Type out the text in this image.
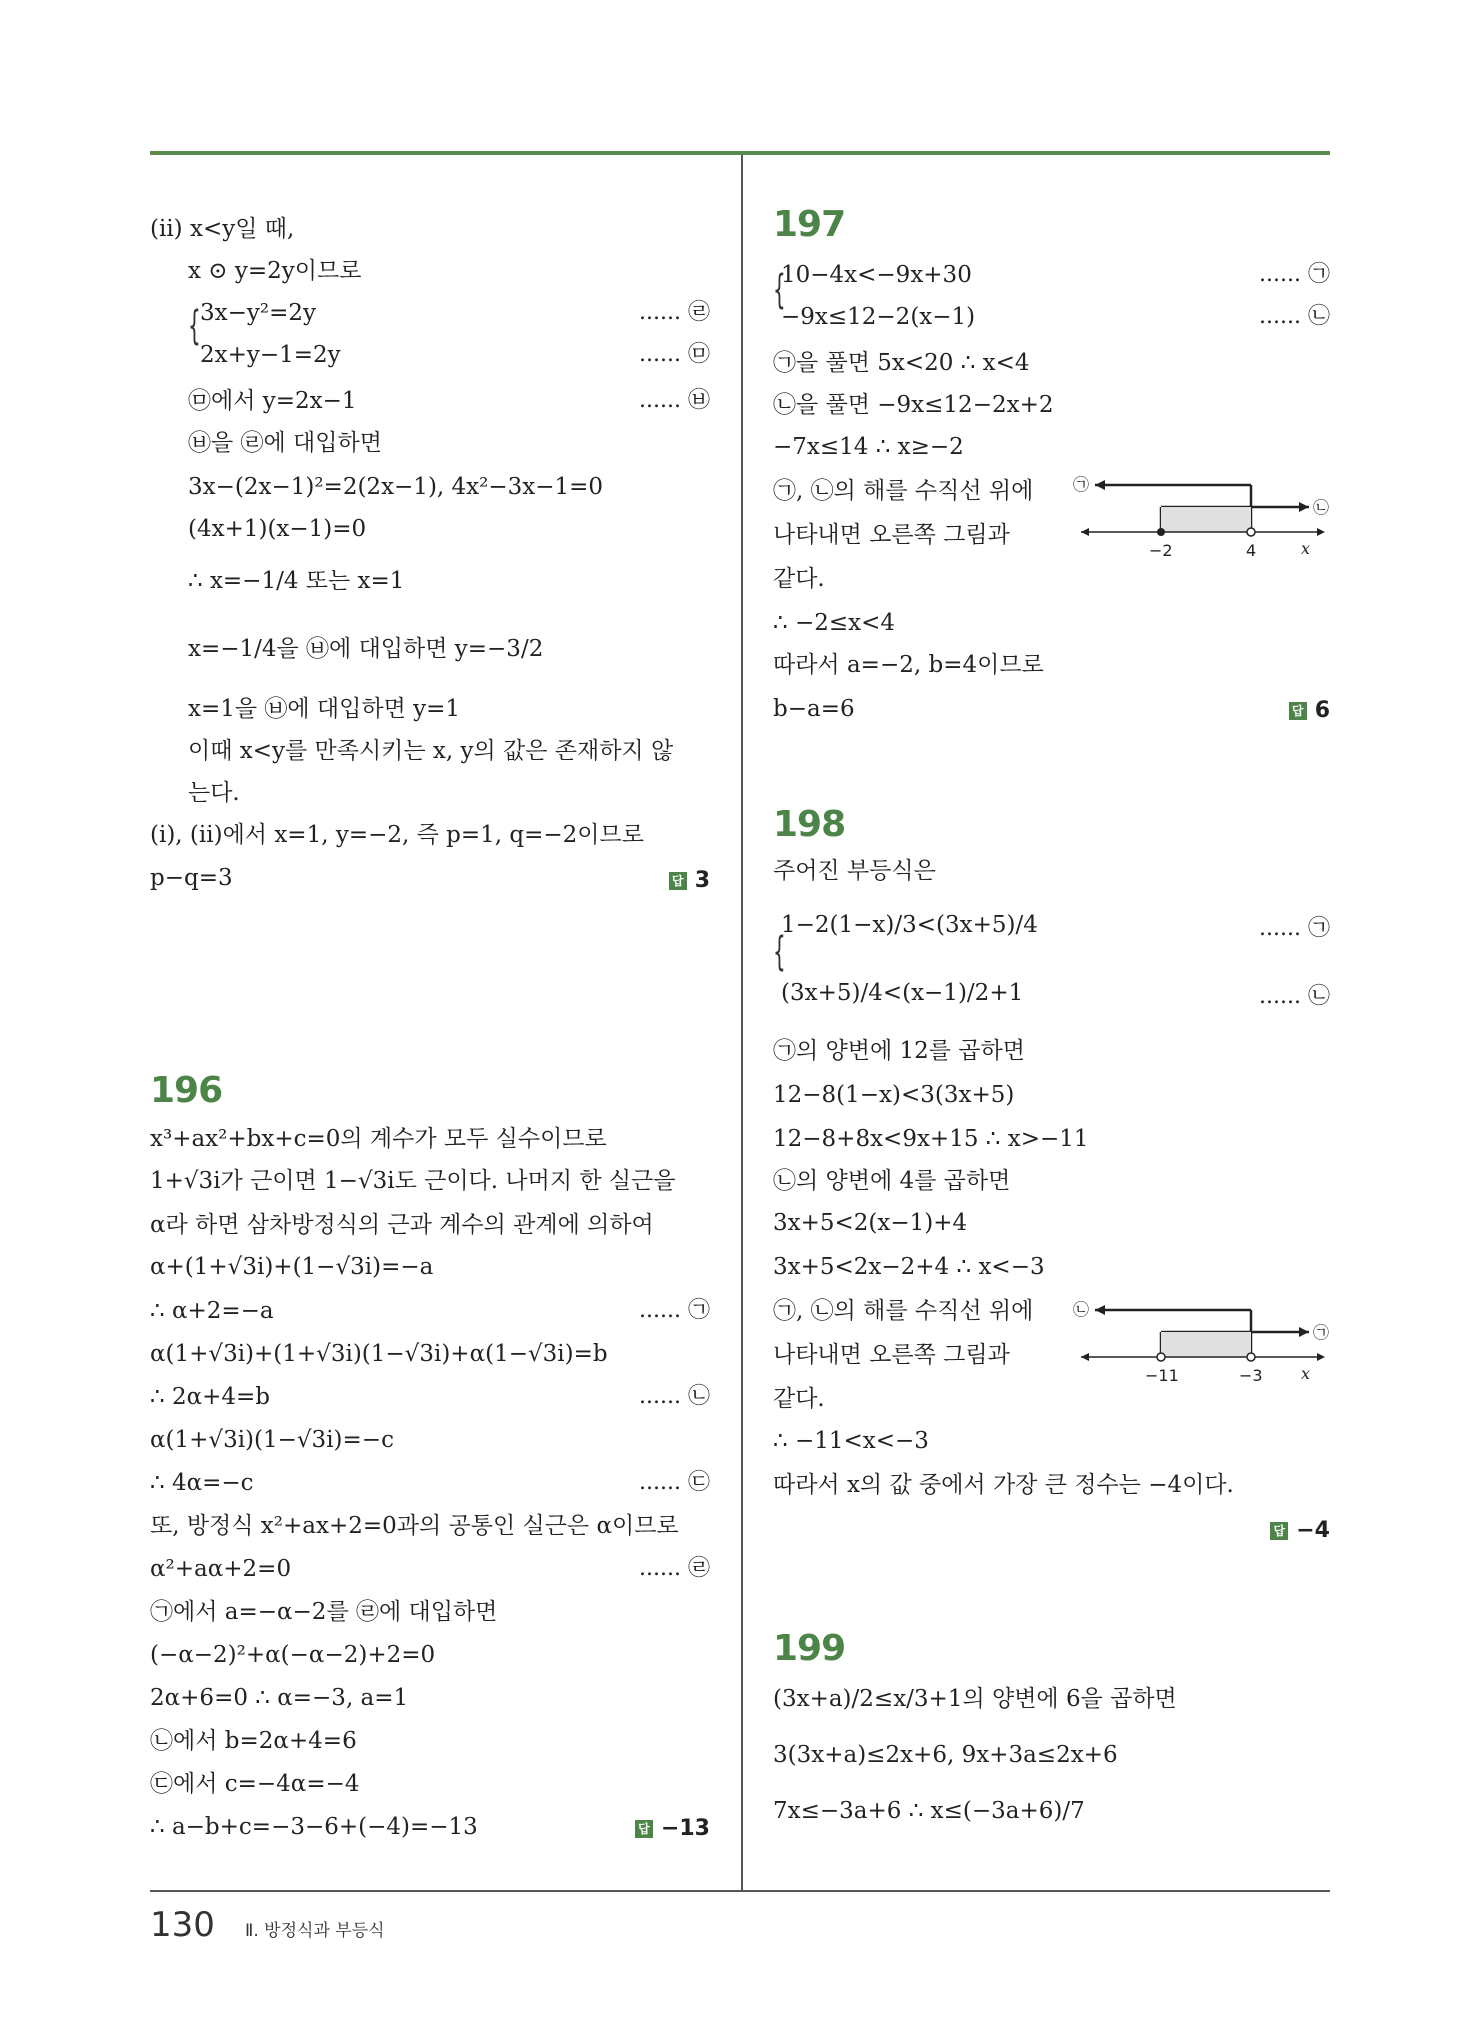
(ⅱ) x<y일 때,
x ⊙ y=2y이므로
{ 3x−y²=2y	...... ㉣
2x+y−1=2y	...... ㉤
㉤에서 y=2x−1	...... ㉥
㉥을 ㉣에 대입하면
3x−(2x−1)²=2(2x−1), 4x²−3x−1=0
(4x+1)(x−1)=0
∴ x=−1/4 또는 x=1
x=−1/4을 ㉥에 대입하면 y=−3/2
x=1을 ㉥에 대입하면 y=1
이때 x<y를 만족시키는 x, y의 값은 존재하지 않
는다.
(ⅰ), (ⅱ)에서 x=1, y=−2, 즉 p=1, q=−2이므로
p−q=3	답 3
196
x³+ax²+bx+c=0의 계수가 모두 실수이므로
1+√3i가 근이면 1−√3i도 근이다. 나머지 한 실근을
α라 하면 삼차방정식의 근과 계수의 관계에 의하여
α+(1+√3i)+(1−√3i)=−a
∴ α+2=−a	...... ㉠
α(1+√3i)+(1+√3i)(1−√3i)+α(1−√3i)=b
∴ 2α+4=b	...... ㉡
α(1+√3i)(1−√3i)=−c
∴ 4α=−c	...... ㉢
또, 방정식 x²+ax+2=0과의 공통인 실근은 α이므로
α²+aα+2=0	...... ㉣
㉠에서 a=−α−2를 ㉣에 대입하면
(−α−2)²+α(−α−2)+2=0
2α+6=0 ∴ α=−3, a=1
㉡에서 b=2α+4=6
㉢에서 c=−4α=−4
∴ a−b+c=−3−6+(−4)=−13	답 −13
197
{
10−4x<−9x+30	...... ㉠
−9x≤12−2(x−1)	...... ㉡
㉠을 풀면 5x<20 ∴ x<4
㉡을 풀면 −9x≤12−2x+2
−7x≤14 ∴ x≥−2
㉠, ㉡의 해를 수직선 위에
나타내면 오른쪽 그림과
같다.
∴ −2≤x<4
따라서 a=−2, b=4이므로
b−a=6	답 6
㉠
㉡
−2	4	x
198
주어진 부등식은
{
1−2(1−x)/3<(3x+5)/4	...... ㉠
(3x+5)/4<(x−1)/2+1	...... ㉡
㉠의 양변에 12를 곱하면
12−8(1−x)<3(3x+5)
12−8+8x<9x+15 ∴ x>−11
㉡의 양변에 4를 곱하면
3x+5<2(x−1)+4
3x+5<2x−2+4 ∴ x<−3
㉠, ㉡의 해를 수직선 위에
나타내면 오른쪽 그림과
같다.
∴ −11<x<−3
따라서 x의 값 중에서 가장 큰 정수는 −4이다.
답 −4
㉡
㉠
−11	−3 x
199
(3x+a)/2≤x/3+1의 양변에 6을 곱하면
3(3x+a)≤2x+6, 9x+3a≤2x+6
7x≤−3a+6 ∴ x≤(−3a+6)/7
130 Ⅱ. 방정식과 부등식
